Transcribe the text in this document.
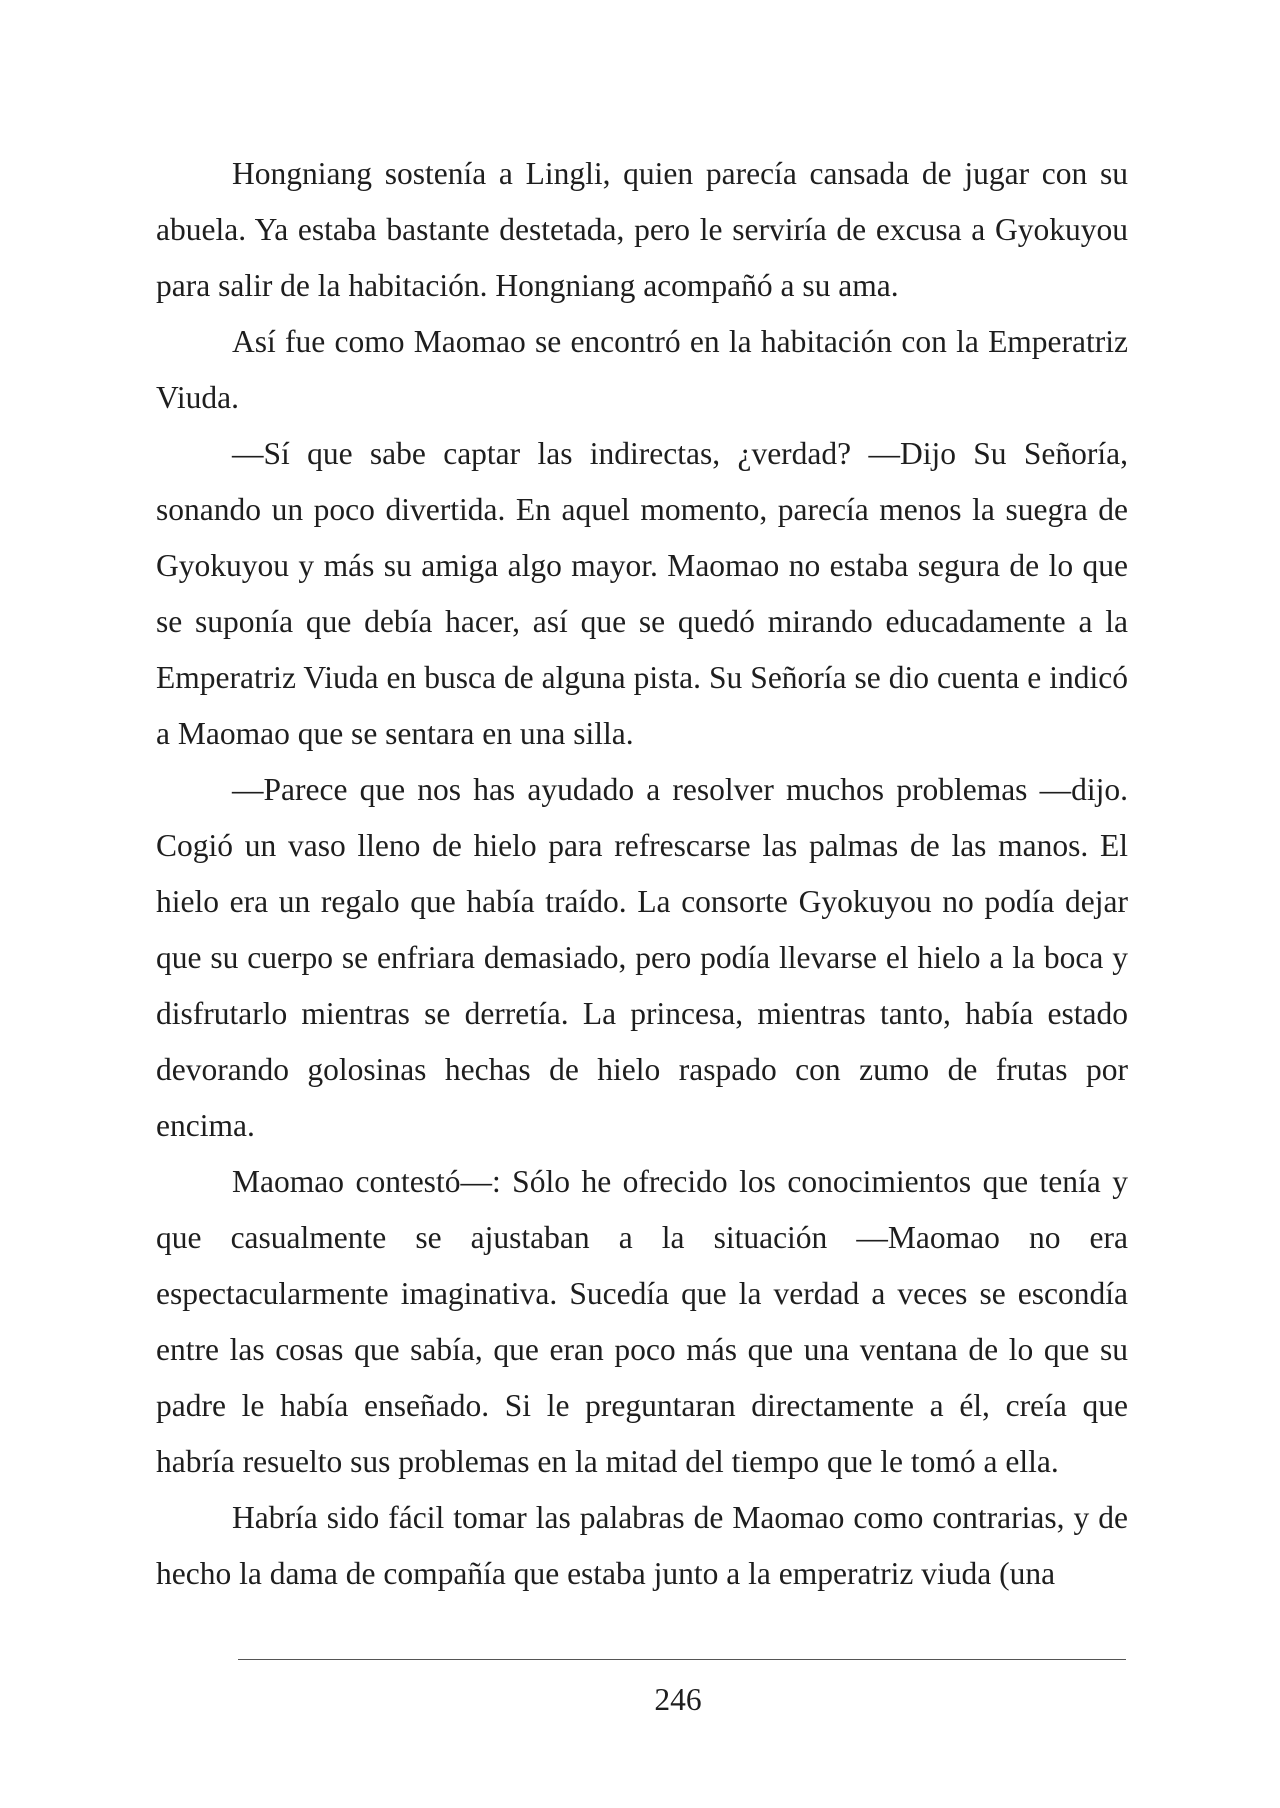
Hongniang sostenía a Lingli, quien parecía cansada de jugar con su abuela. Ya estaba bastante destetada, pero le serviría de excusa a Gyokuyou para salir de la habitación. Hongniang acompañó a su ama.

Así fue como Maomao se encontró en la habitación con la Emperatriz Viuda.

—Sí que sabe captar las indirectas, ¿verdad? —Dijo Su Señoría, sonando un poco divertida. En aquel momento, parecía menos la suegra de Gyokuyou y más su amiga algo mayor. Maomao no estaba segura de lo que se suponía que debía hacer, así que se quedó mirando educadamente a la Emperatriz Viuda en busca de alguna pista. Su Señoría se dio cuenta e indicó a Maomao que se sentara en una silla.

—Parece que nos has ayudado a resolver muchos problemas —dijo. Cogió un vaso lleno de hielo para refrescarse las palmas de las manos. El hielo era un regalo que había traído. La consorte Gyokuyou no podía dejar que su cuerpo se enfriara demasiado, pero podía llevarse el hielo a la boca y disfrutarlo mientras se derretía. La princesa, mientras tanto, había estado devorando golosinas hechas de hielo raspado con zumo de frutas por encima.

Maomao contestó—: Sólo he ofrecido los conocimientos que tenía y que casualmente se ajustaban a la situación —Maomao no era espectacularmente imaginativa. Sucedía que la verdad a veces se escondía entre las cosas que sabía, que eran poco más que una ventana de lo que su padre le había enseñado. Si le preguntaran directamente a él, creía que habría resuelto sus problemas en la mitad del tiempo que le tomó a ella.

Habría sido fácil tomar las palabras de Maomao como contrarias, y de hecho la dama de compañía que estaba junto a la emperatriz viuda (una

246
